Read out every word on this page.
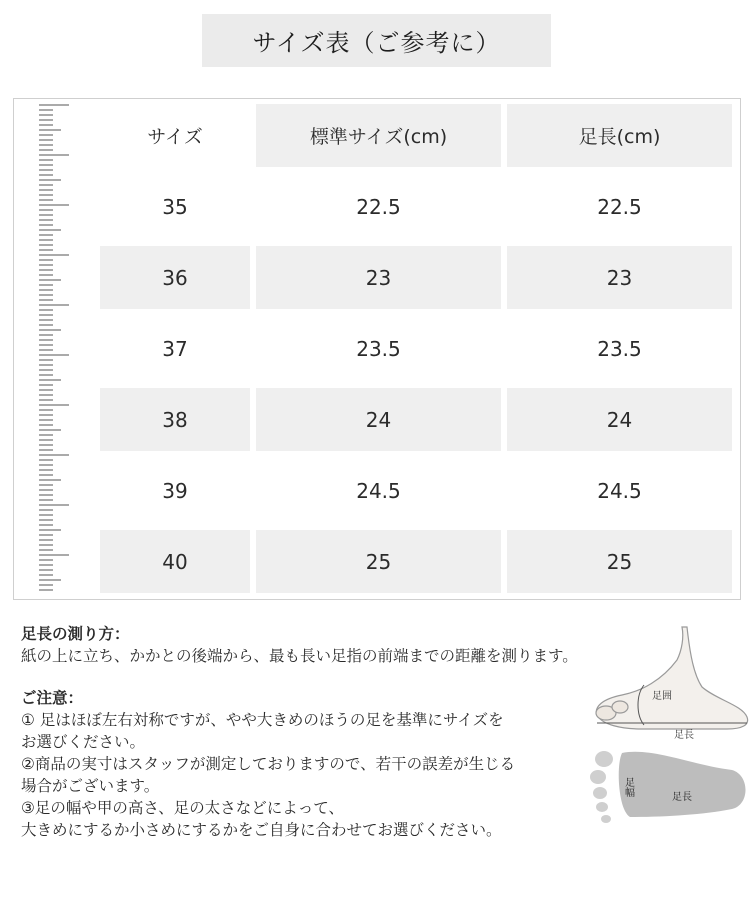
サイズ表（ご参考に）
サイズ	標準サイズ(cm)	足長(cm)
35	22.5	22.5
36	23	23
37	23.5	23.5
38	24	24
39	24.5	24.5
40	25	25

足長の測り方：

紙の上に立ち、かかとの後端から、最も長い足指の前端までの距離を測ります。

ご注意：

① 足はほぼ左右対称ですが、やや大きめのほうの足を基準にサイズを

お選びください。

②商品の実寸はスタッフが測定しておりますので、若干の誤差が生じる

場合がございます。

③足の幅や甲の高さ、足の太さなどによって、

大きめにするか小さめにするかをご自身に合わせてお選びください。

足囲
足長
足幅
足長
